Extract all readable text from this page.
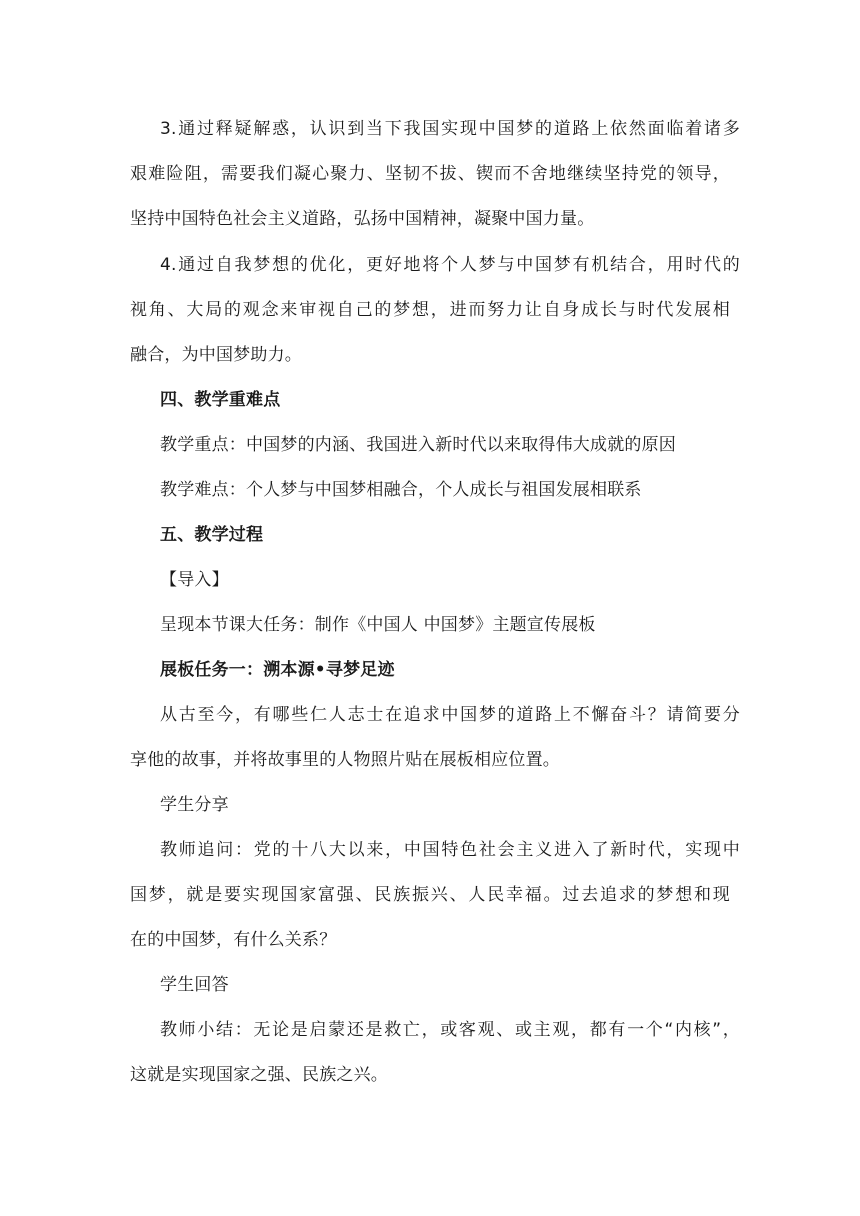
3.通过释疑解惑，认识到当下我国实现中国梦的道路上依然面临着诸多
艰难险阻，需要我们凝心聚力、坚韧不拔、锲而不舍地继续坚持党的领导，
坚持中国特色社会主义道路，弘扬中国精神，凝聚中国力量。
4.通过自我梦想的优化，更好地将个人梦与中国梦有机结合，用时代的
视角、大局的观念来审视自己的梦想，进而努力让自身成长与时代发展相
融合，为中国梦助力。
四、教学重难点
教学重点：中国梦的内涵、我国进入新时代以来取得伟大成就的原因
教学难点：个人梦与中国梦相融合，个人成长与祖国发展相联系
五、教学过程
【导入】
呈现本节课大任务：制作《中国人 中国梦》主题宣传展板
展板任务一：溯本源•寻梦足迹
从古至今，有哪些仁人志士在追求中国梦的道路上不懈奋斗？请简要分
享他的故事，并将故事里的人物照片贴在展板相应位置。
学生分享
教师追问：党的十八大以来，中国特色社会主义进入了新时代，实现中
国梦，就是要实现国家富强、民族振兴、人民幸福。过去追求的梦想和现
在的中国梦，有什么关系？
学生回答
教师小结：无论是启蒙还是救亡，或客观、或主观，都有一个“内核”，
这就是实现国家之强、民族之兴。
